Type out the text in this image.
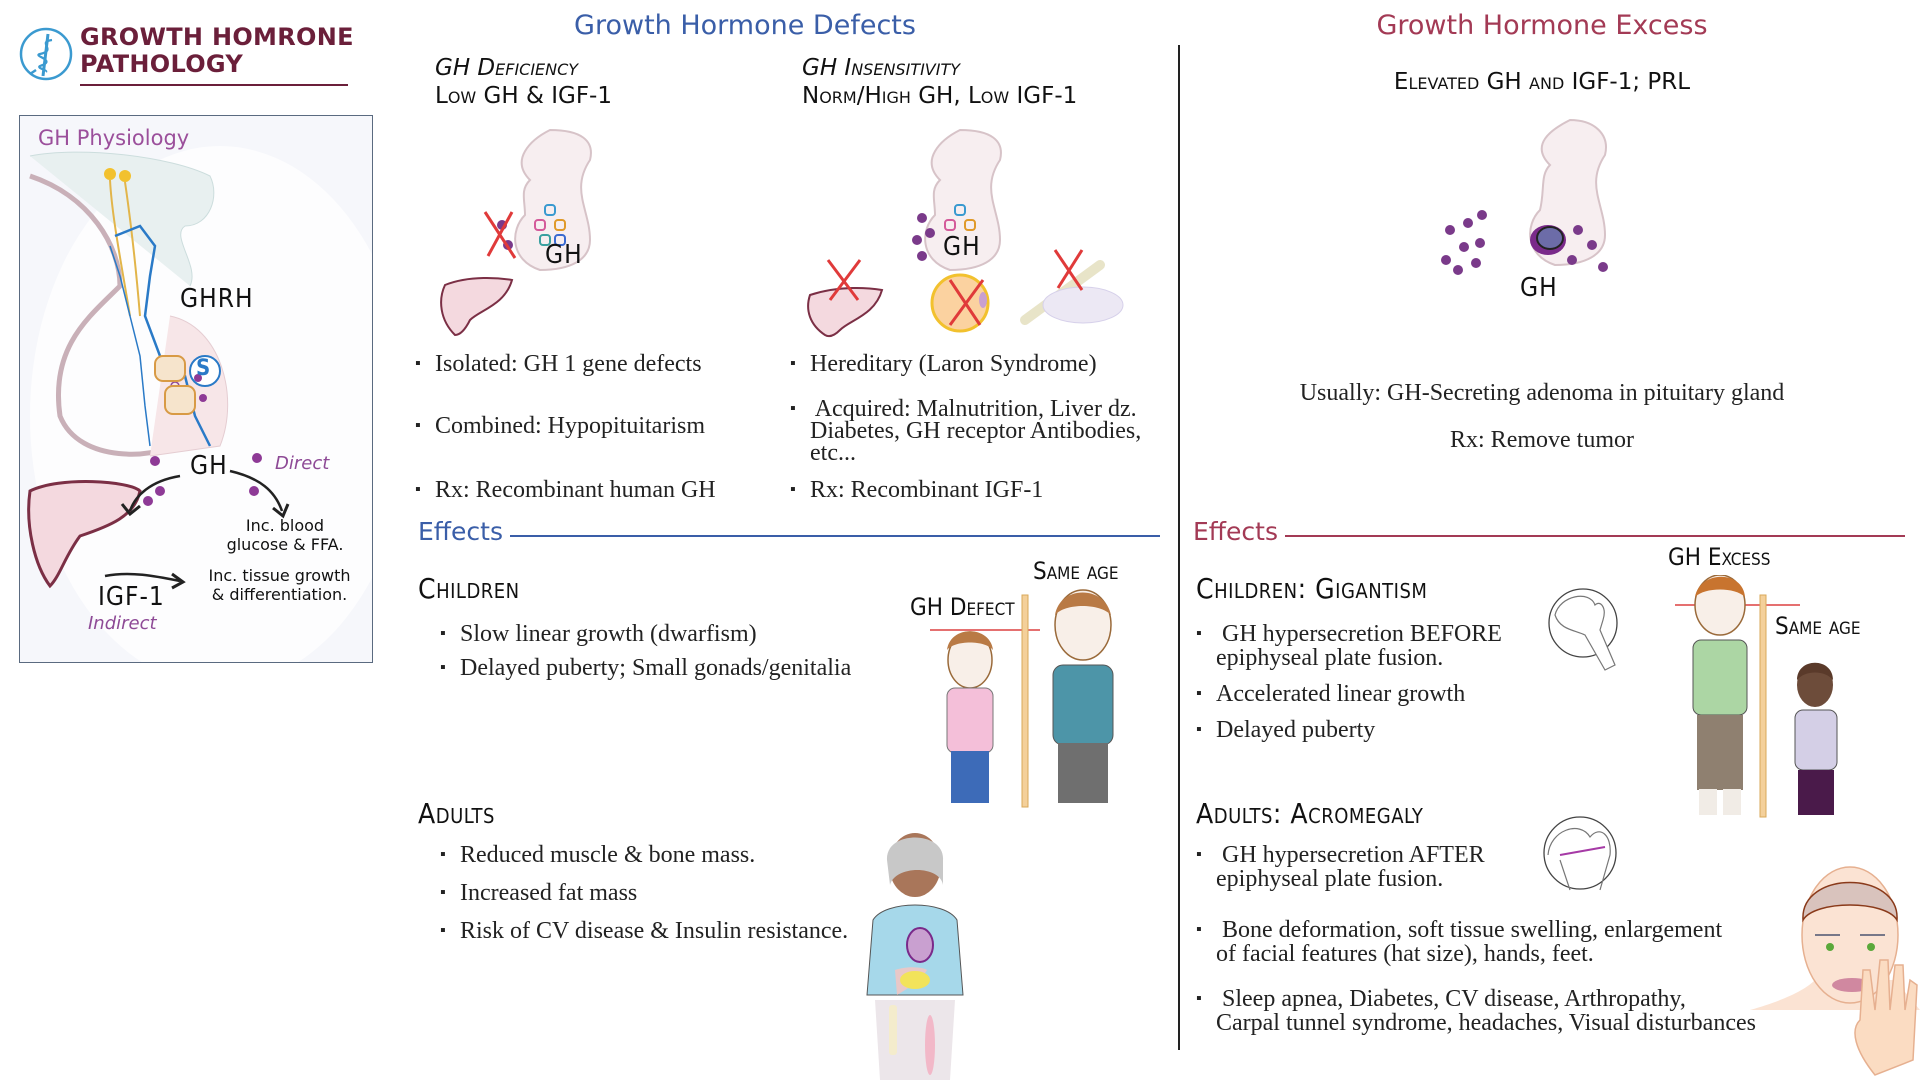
GROWTH HOMRONE
PATHOLOGY
GH Physiology
GHRH
S
GH	Direct
Inc. blood
glucose & FFA.
Inc. tissue growth
& differentiation.
IGF-1
Indirect
Growth Hormone Defects
GH Deficiency
Low GH & IGF-1
GH Insensitivity
Norm/High GH, Low IGF-1
GH	GH
▪ Isolated: GH 1 gene defects
▪ Combined: Hypopituitarism
▪ Rx: Recombinant human GH
▪ Hereditary (Laron Syndrome)
▪ Acquired: Malnutrition, Liver dz.
Diabetes, GH receptor Antibodies,
etc...
▪ Rx: Recombinant IGF-1
Effects
Children
▪ Slow linear growth (dwarfism)
▪ Delayed puberty; Small gonads/genitalia
GH Defect
Same age
Adults
▪ Reduced muscle & bone mass.
▪ Increased fat mass
▪ Risk of CV disease & Insulin resistance.
Growth Hormone Excess
Elevated GH and IGF-1; PRL
GH
Usually: GH-Secreting adenoma in pituitary gland
Rx: Remove tumor
Effects
Children: Gigantism
▪ GH hypersecretion BEFORE
epiphyseal plate fusion.
▪ Accelerated linear growth
▪ Delayed puberty
GH Excess
Same age
Adults: Acromegaly
▪ GH hypersecretion AFTER
epiphyseal plate fusion.
▪ Bone deformation, soft tissue swelling, enlargement
of facial features (hat size), hands, feet.
▪ Sleep apnea, Diabetes, CV disease, Arthropathy,
Carpal tunnel syndrome, headaches, Visual disturbances
